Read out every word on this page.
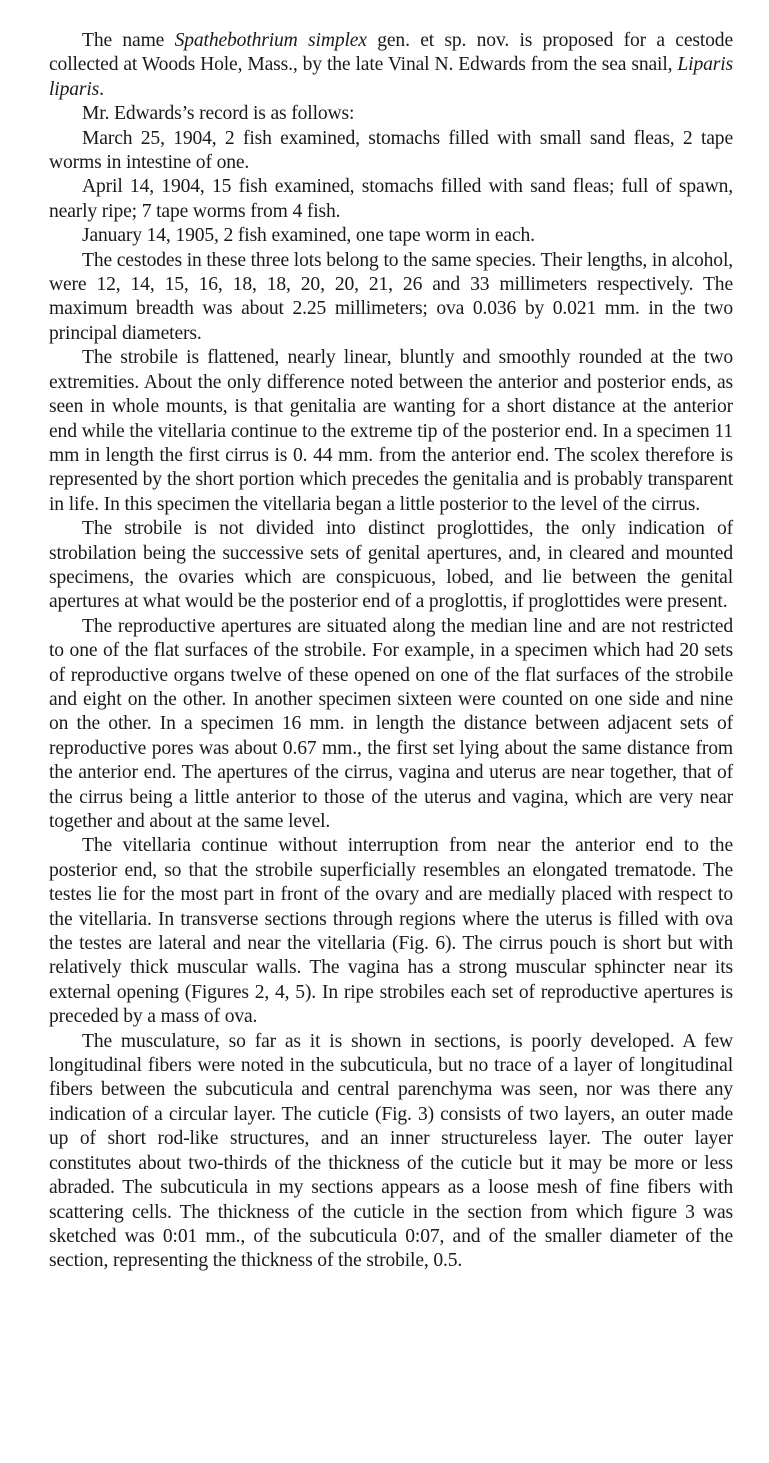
The name Spathebothrium simplex gen. et sp. nov. is proposed for a cestode collected at Woods Hole, Mass., by the late Vinal N. Edwards from the sea snail, Liparis liparis.

Mr. Edwards’s record is as follows:

March 25, 1904, 2 fish examined, stomachs filled with small sand fleas, 2 tape worms in intestine of one.

April 14, 1904, 15 fish examined, stomachs filled with sand fleas; full of spawn, nearly ripe; 7 tape worms from 4 fish.

January 14, 1905, 2 fish examined, one tape worm in each.

The cestodes in these three lots belong to the same species. Their lengths, in alcohol, were 12, 14, 15, 16, 18, 18, 20, 20, 21, 26 and 33 millimeters respectively. The maximum breadth was about 2.25 millimeters; ova 0.036 by 0.021 mm. in the two principal diameters.

The strobile is flattened, nearly linear, bluntly and smoothly rounded at the two extremities. About the only difference noted between the anterior and posterior ends, as seen in whole mounts, is that genitalia are wanting for a short distance at the anterior end while the vitellaria continue to the extreme tip of the posterior end. In a specimen 11 mm in length the first cirrus is 0. 44 mm. from the anterior end. The scolex therefore is represented by the short portion which precedes the genitalia and is probably transparent in life. In this specimen the vitellaria began a little posterior to the level of the cirrus.

The strobile is not divided into distinct proglottides, the only indication of strobilation being the successive sets of genital apertures, and, in cleared and mounted specimens, the ovaries which are conspicuous, lobed, and lie between the genital apertures at what would be the posterior end of a proglottis, if proglottides were present.

The reproductive apertures are situated along the median line and are not restricted to one of the flat surfaces of the strobile. For example, in a specimen which had 20 sets of reproductive organs twelve of these opened on one of the flat surfaces of the strobile and eight on the other. In another specimen sixteen were counted on one side and nine on the other. In a specimen 16 mm. in length the distance between adjacent sets of reproductive pores was about 0.67 mm., the first set lying about the same distance from the anterior end. The apertures of the cirrus, vagina and uterus are near together, that of the cirrus being a little anterior to those of the uterus and vagina, which are very near together and about at the same level.

The vitellaria continue without interruption from near the anterior end to the posterior end, so that the strobile superficially resembles an elongated trematode. The testes lie for the most part in front of the ovary and are medially placed with respect to the vitellaria. In transverse sections through regions where the uterus is filled with ova the testes are lateral and near the vitellaria (Fig. 6). The cirrus pouch is short but with relatively thick muscular walls. The vagina has a strong muscular sphincter near its external opening (Figures 2, 4, 5). In ripe strobiles each set of reproductive apertures is preceded by a mass of ova.

The musculature, so far as it is shown in sections, is poorly developed. A few longitudinal fibers were noted in the subcuticula, but no trace of a layer of longitudinal fibers between the subcuticula and central parenchyma was seen, nor was there any indication of a circular layer. The cuticle (Fig. 3) consists of two layers, an outer made up of short rod-like structures, and an inner structureless layer. The outer layer constitutes about two-thirds of the thickness of the cuticle but it may be more or less abraded. The subcuticula in my sections appears as a loose mesh of fine fibers with scattering cells. The thickness of the cuticle in the section from which figure 3 was sketched was 0:01 mm., of the subcuticula 0:07, and of the smaller diameter of the section, representing the thickness of the strobile, 0.5.
